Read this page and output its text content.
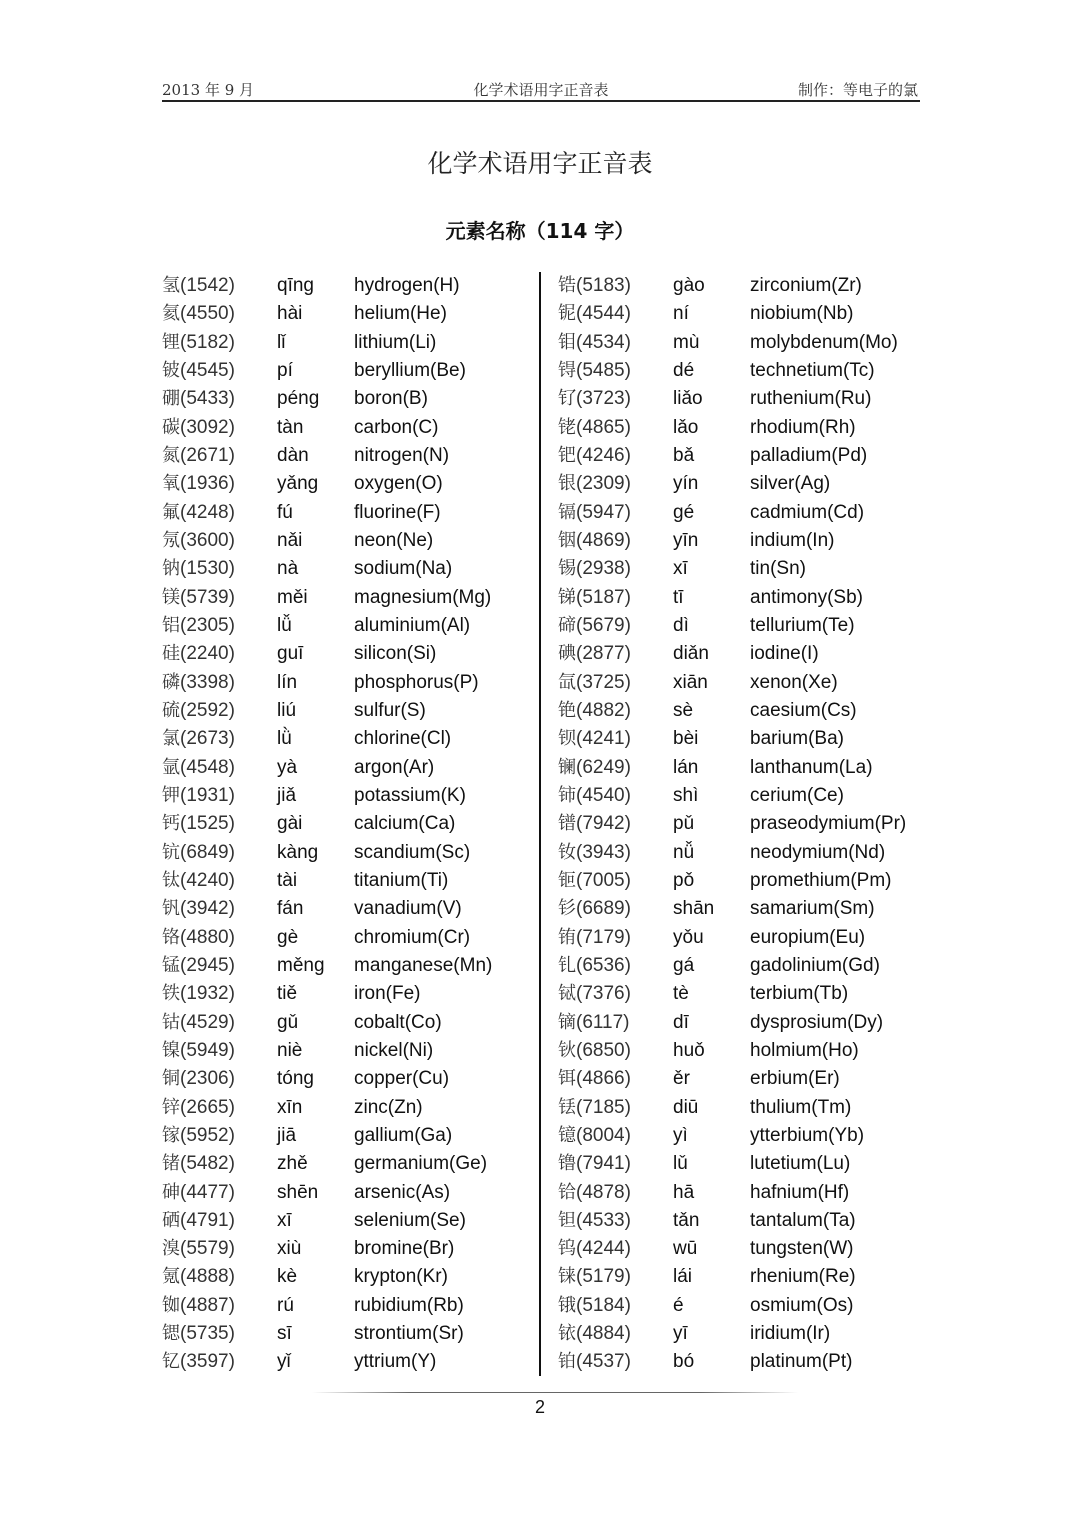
2013 年 9 月	化学术语用字正音表	制作：等电子的氯
化学术语用字正音表
元素名称（114 字）
氢(1542) qīng hydrogen(H)
氦(4550) hài	helium(He)
锂(5182) lǐ	lithium(Li)
铍(4545) pí	beryllium(Be)
硼(5433) péng boron(B)
碳(3092) tàn	carbon(C)
氮(2671) dàn nitrogen(N)
氧(1936) yǎng oxygen(O)
氟(4248) fú	fluorine(F)
氖(3600) nǎi	neon(Ne)
钠(1530) nà	sodium(Na)
镁(5739) měi magnesium(Mg)
铝(2305) lǚ	aluminium(Al)
硅(2240) guī	silicon(Si)
磷(3398) lín	phosphorus(P)
硫(2592) liú	sulfur(S)
氯(2673) lǜ	chlorine(Cl)
氩(4548) yà	argon(Ar)
钾(1931) jiǎ	potassium(K)
钙(1525) gài	calcium(Ca)
钪(6849) kàng scandium(Sc)
钛(4240) tài	titanium(Ti)
钒(3942) fán	vanadium(V)
铬(4880) gè	chromium(Cr)
锰(2945) měng manganese(Mn)
铁(1932) tiě	iron(Fe)
钴(4529) gǔ	cobalt(Co)
镍(5949) niè	nickel(Ni)
铜(2306) tóng copper(Cu)
锌(2665) xīn	zinc(Zn)
镓(5952) jiā	gallium(Ga)
锗(5482) zhě germanium(Ge)
砷(4477) shēn arsenic(As)
硒(4791) xī	selenium(Se)
溴(5579) xiù	bromine(Br)
氪(4888) kè	krypton(Kr)
铷(4887) rú	rubidium(Rb)
锶(5735) sī	strontium(Sr)
钇(3597) yǐ	yttrium(Y)
锆(5183) gào zirconium(Zr)
铌(4544) ní	niobium(Nb)
钼(4534) mù	molybdenum(Mo)
锝(5485) dé	technetium(Tc)
钌(3723) liǎo ruthenium(Ru)
铑(4865) lǎo	rhodium(Rh)
钯(4246) bǎ	palladium(Pd)
银(2309) yín	silver(Ag)
镉(5947) gé	cadmium(Cd)
铟(4869) yīn	indium(In)
锡(2938) xī	tin(Sn)
锑(5187) tī	antimony(Sb)
碲(5679) dì	tellurium(Te)
碘(2877) diǎn iodine(I)
氙(3725) xiān xenon(Xe)
铯(4882) sè	caesium(Cs)
钡(4241) bèi	barium(Ba)
镧(6249) lán	lanthanum(La)
铈(4540) shì	cerium(Ce)
镨(7942) pǔ	praseodymium(Pr)
钕(3943) nǚ	neodymium(Nd)
钷(7005) pǒ	promethium(Pm)
钐(6689) shān samarium(Sm)
铕(7179) yǒu europium(Eu)
钆(6536) gá	gadolinium(Gd)
铽(7376) tè	terbium(Tb)
镝(6117) dī	dysprosium(Dy)
钬(6850) huǒ holmium(Ho)
铒(4866) ěr	erbium(Er)
铥(7185) diū	thulium(Tm)
镱(8004) yì	ytterbium(Yb)
镥(7941) lǔ	lutetium(Lu)
铪(4878) hā	hafnium(Hf)
钽(4533) tǎn	tantalum(Ta)
钨(4244) wū	tungsten(W)
铼(5179) lái	rhenium(Re)
锇(5184) é	osmium(Os)
铱(4884) yī	iridium(Ir)
铂(4537) bó	platinum(Pt)
2
